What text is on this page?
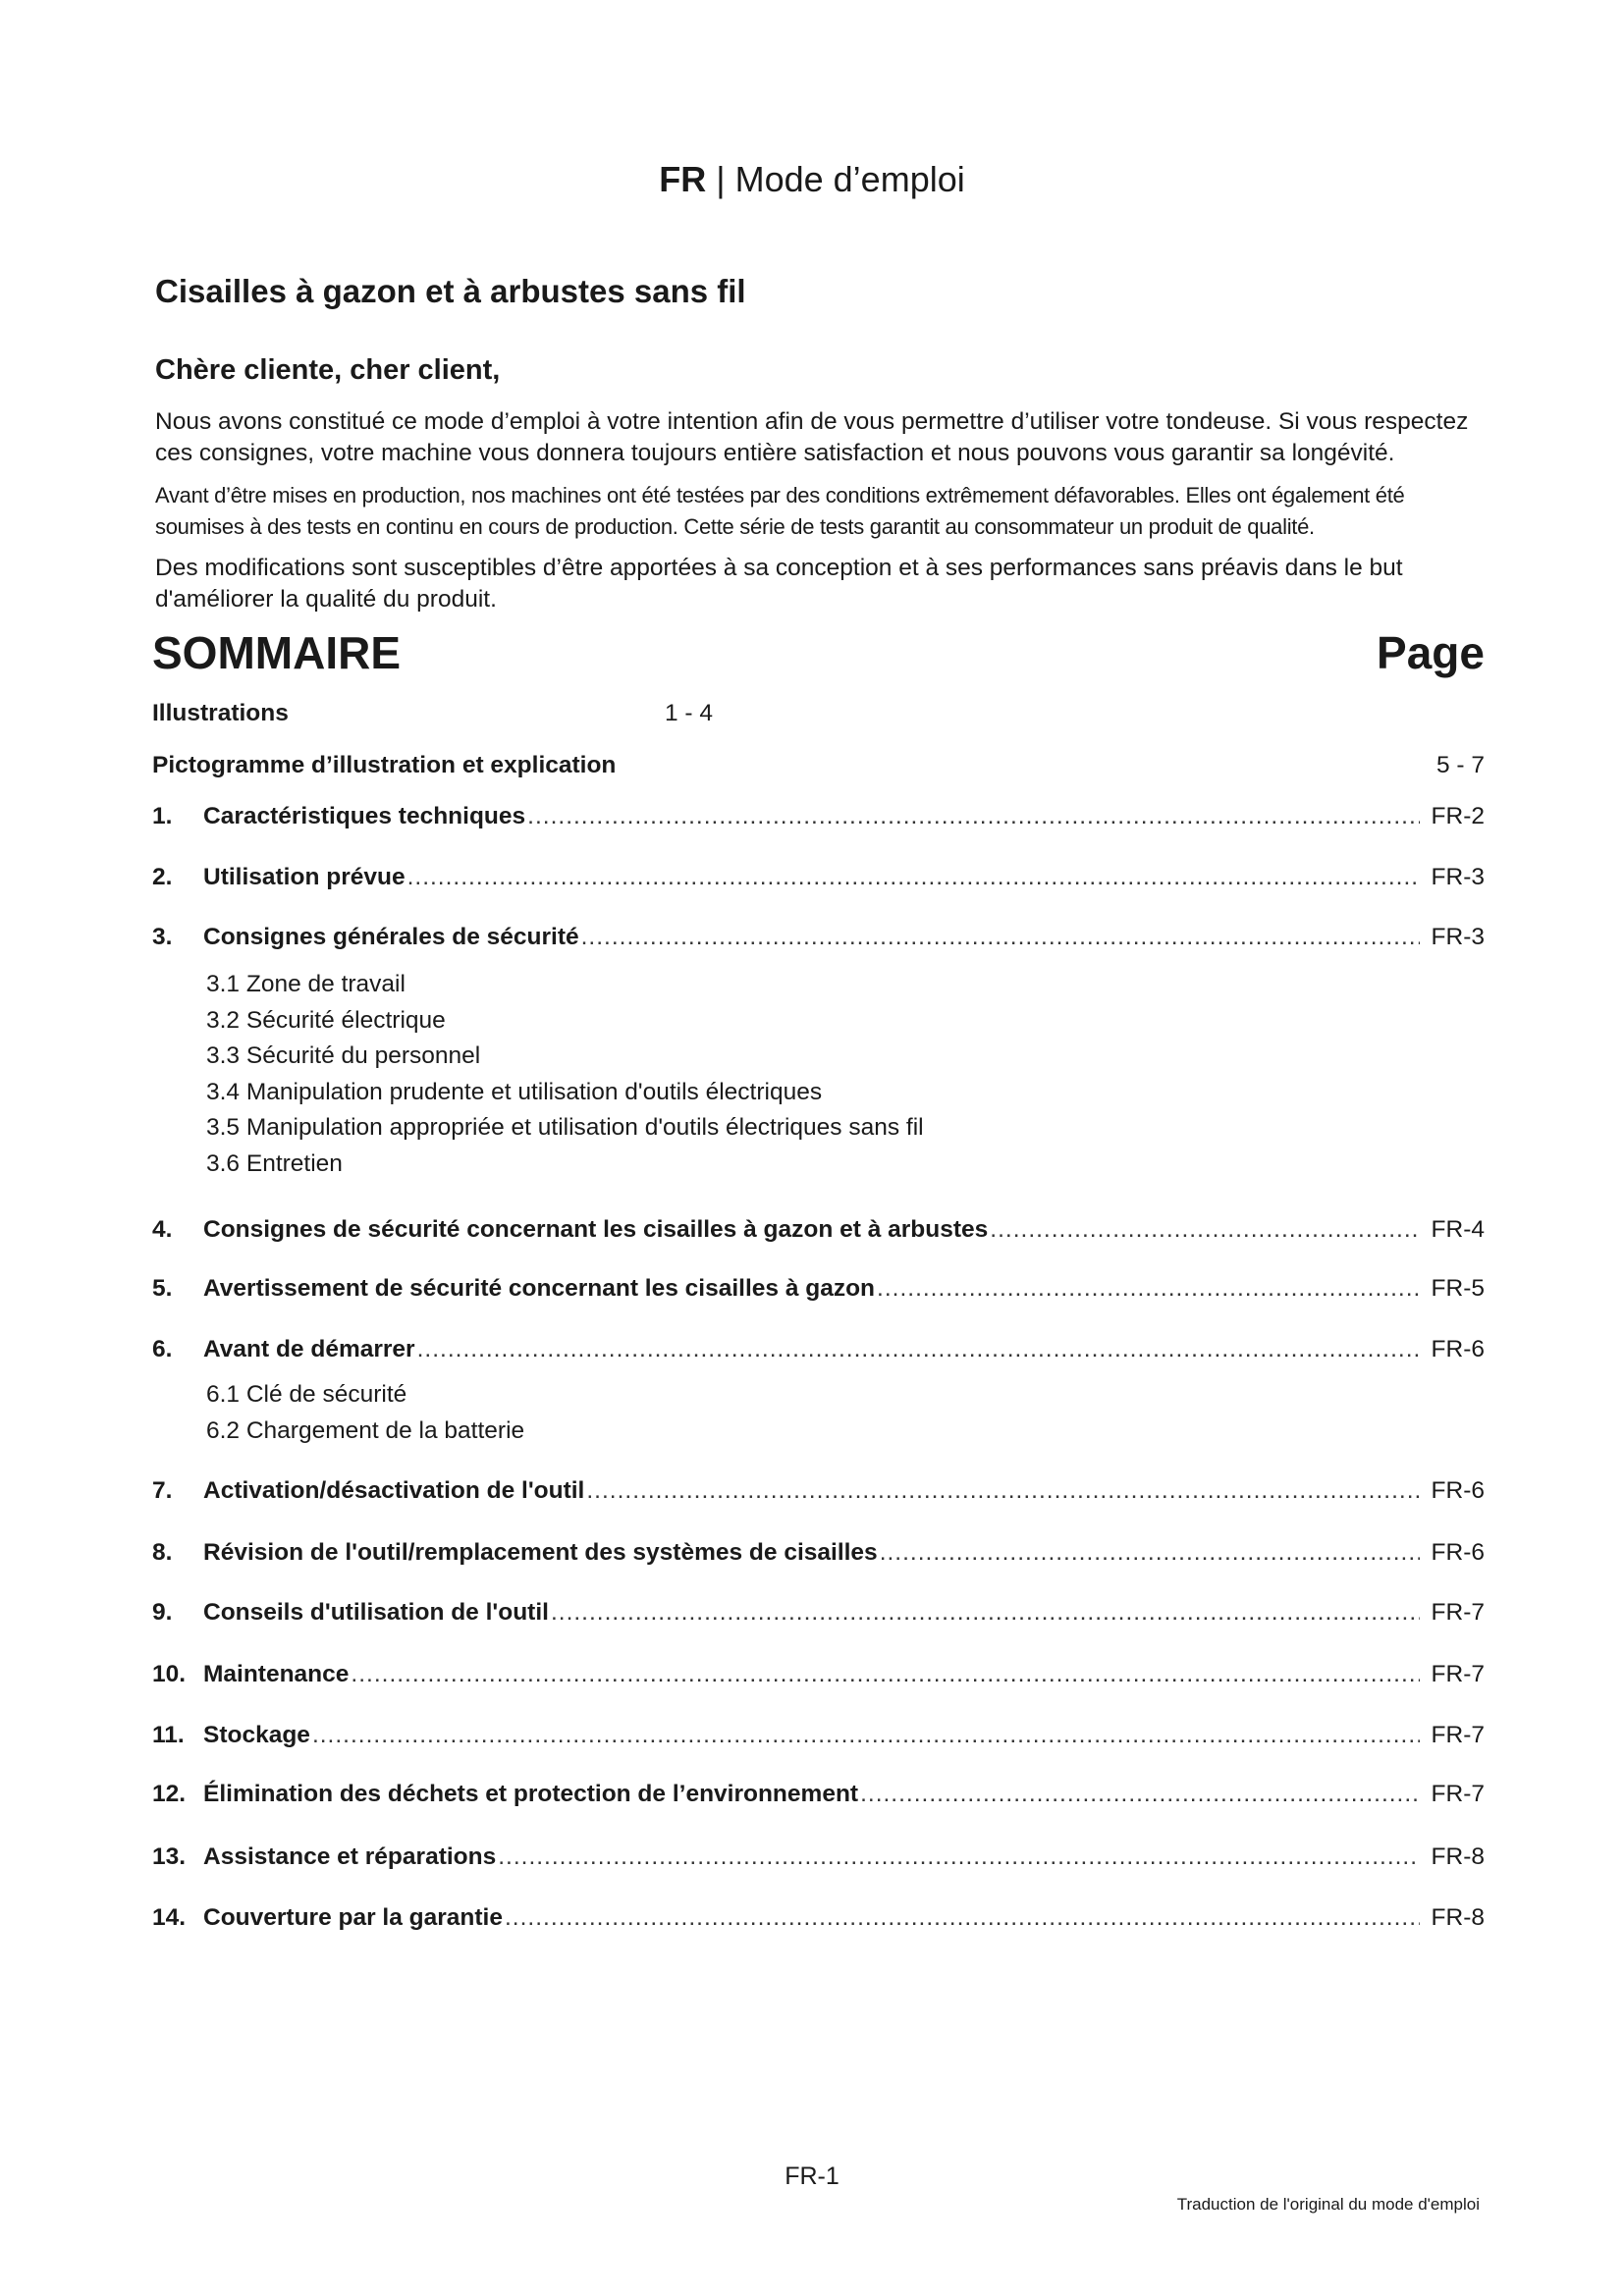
FR | Mode d’emploi
Cisailles à gazon et à arbustes sans fil
Chère cliente, cher client,

Nous avons constitué ce mode d’emploi à votre intention afin de vous permettre d’utiliser votre tondeuse. Si vous respectez ces consignes, votre machine vous donnera toujours entière satisfaction et nous pouvons vous garantir sa longévité.

Avant d’être mises en production, nos machines ont été testées par des conditions extrêmement défavorables. Elles ont également été soumises à des tests en continu en cours de production. Cette série de tests garantit au consommateur un produit de qualité.

Des modifications sont susceptibles d’être apportées à sa conception et à ses performances sans préavis dans le but d'améliorer la qualité du produit.

SOMMAIRE	Page
Illustrations	1 - 4
Pictogramme d’illustration et explication	5 - 7
1.	Caractéristiques techniques .....	FR-2
2.	Utilisation prévue .....	FR-3
3.	Consignes générales de sécurité .....	FR-3
3.1 Zone de travail
3.2 Sécurité électrique
3.3 Sécurité du personnel
3.4 Manipulation prudente et utilisation d'outils électriques
3.5 Manipulation appropriée et utilisation d'outils électriques sans fil
3.6 Entretien
4.	Consignes de sécurité concernant les cisailles à gazon et à arbustes .....	FR-4
5.	Avertissement de sécurité concernant les cisailles à gazon .....	FR-5
6.	Avant de démarrer .....	FR-6
6.1 Clé de sécurité
6.2 Chargement de la batterie
7.	Activation/désactivation de l'outil .....	FR-6
8.	Révision de l'outil/remplacement des systèmes de cisailles .....	FR-6
9.	Conseils d'utilisation de l'outil .....	FR-7
10. Maintenance .....	FR-7
11. Stockage .....	FR-7
12. Élimination des déchets et protection de l’environnement .....	FR-7
13. Assistance et réparations .....	FR-8
14. Couverture par la garantie .....	FR-8
FR-1
Traduction de l'original du mode d'emploi
